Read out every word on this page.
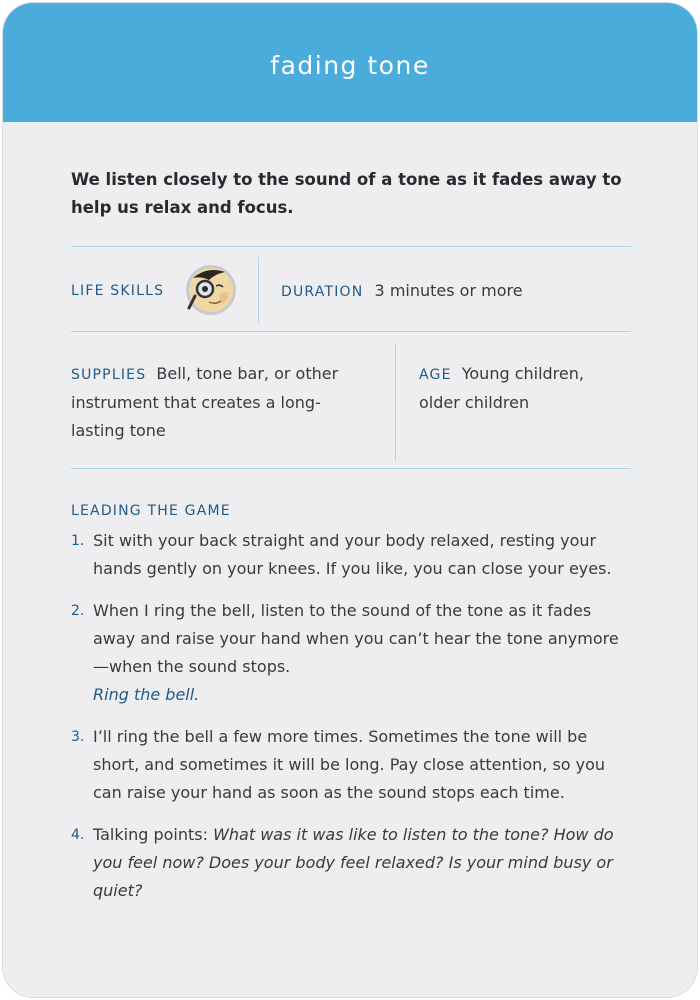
fading tone
We listen closely to the sound of a tone as it fades away to help us relax and focus.
LIFE SKILLS	DURATION 3 minutes or more
SUPPLIES Bell, tone bar, or other instrument that creates a long-lasting tone
AGE Young children, older children
LEADING THE GAME
1. Sit with your back straight and your body relaxed, resting your hands gently on your knees. If you like, you can close your eyes.
2. When I ring the bell, listen to the sound of the tone as it fades away and raise your hand when you can’t hear the tone anymore—when the sound stops.
Ring the bell.
3. I’ll ring the bell a few more times. Sometimes the tone will be short, and sometimes it will be long. Pay close attention, so you can raise your hand as soon as the sound stops each time.
4. Talking points: What was it was like to listen to the tone? How do you feel now? Does your body feel relaxed? Is your mind busy or quiet?
